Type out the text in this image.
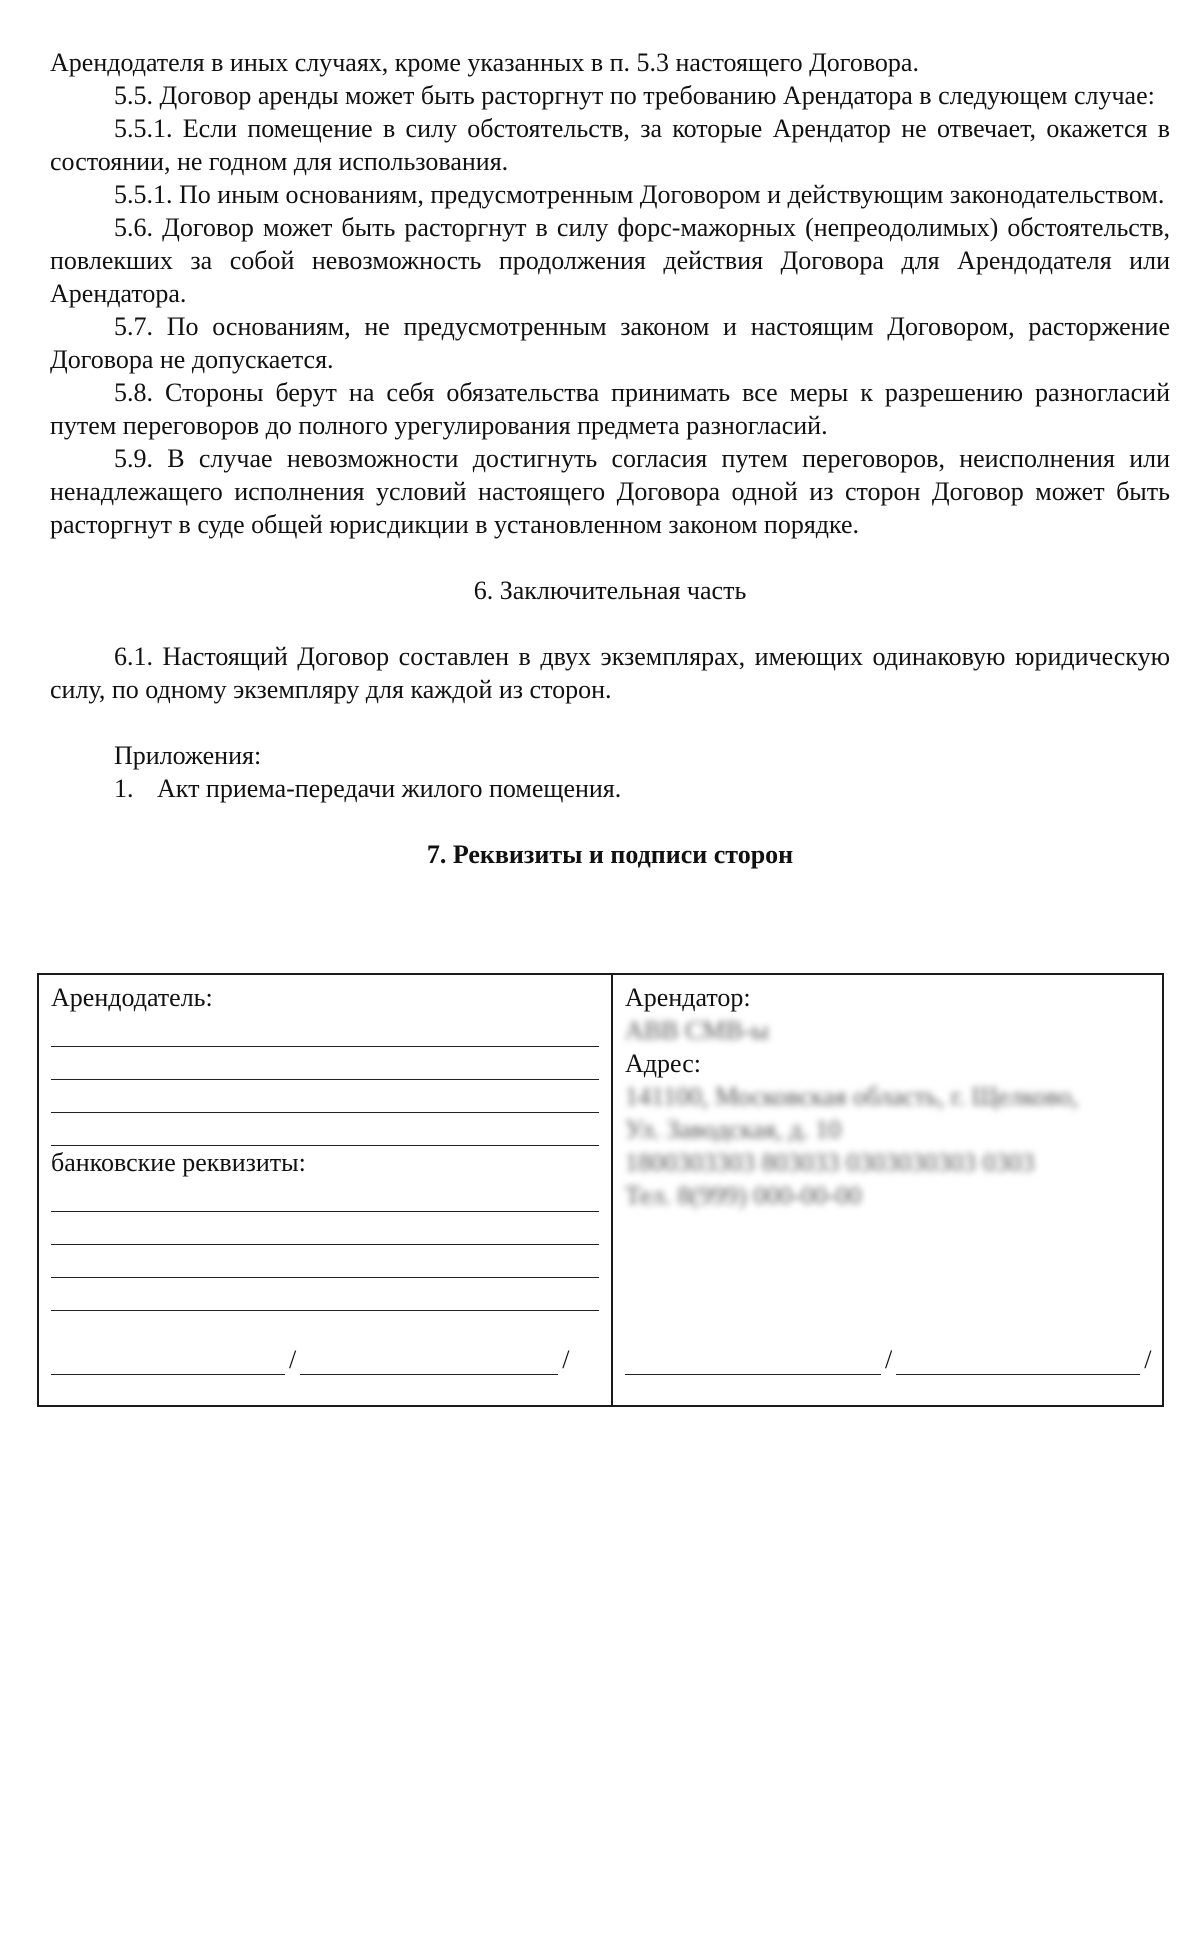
Арендодателя в иных случаях, кроме указанных в п. 5.3 настоящего Договора.

5.5. Договор аренды может быть расторгнут по требованию Арендатора в следующем случае:

5.5.1. Если помещение в силу обстоятельств, за которые Арендатор не отвечает, окажется в состоянии, не годном для использования.

5.5.1. По иным основаниям, предусмотренным Договором и действующим законодательством.

5.6. Договор может быть расторгнут в силу форс-мажорных (непреодолимых) обстоятельств, повлекших за собой невозможность продолжения действия Договора для Арендодателя или Арендатора.

5.7. По основаниям, не предусмотренным законом и настоящим Договором, расторжение Договора не допускается.

5.8. Стороны берут на себя обязательства принимать все меры к разрешению разногласий путем переговоров до полного урегулирования предмета разногласий.

5.9. В случае невозможности достигнуть согласия путем переговоров, неисполнения или ненадлежащего исполнения условий настоящего Договора одной из сторон Договор может быть расторгнут в суде общей юрисдикции в установленном законом порядке.

6. Заключительная часть

6.1. Настоящий Договор составлен в двух экземплярах, имеющих одинаковую юридическую силу, по одному экземпляру для каждой из сторон.

Приложения:

1. Акт приема-передачи жилого помещения.

7. Реквизиты и подписи сторон

Арендодатель:
банковские реквизиты:
/	/

Арендатор:
ABB СМВ-ы
Адрес:
141100, Московская область, г. Щелково,
Ул. Заводская, д. 10
1800303303 803033 0303030303 0303
Тел. 8(999) 000-00-00
/	/
